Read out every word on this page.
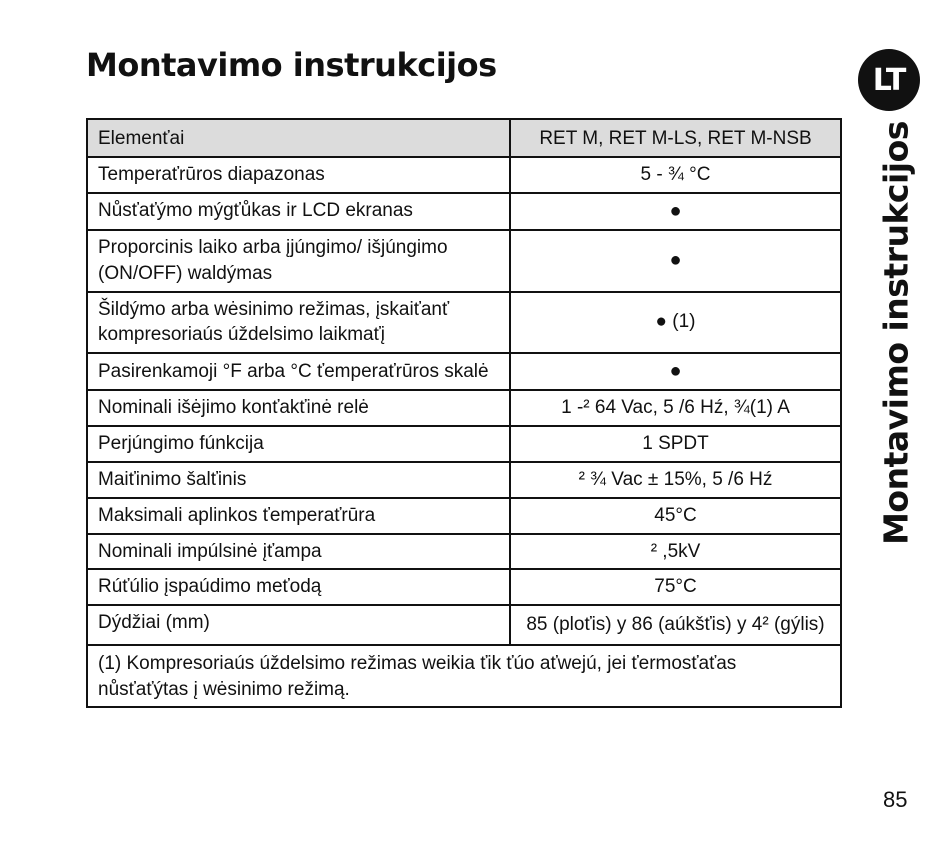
Montavimo instrukcijos	LT
Montavimo instrukcijos
85
Elemenťai	RET M, RET M-LS, RET M-NSB
Temperaťrūros diapazonas	5 - ¾ °C
Nůsťaťýmo mýgťůkas ir LCD ekranas	●
Proporcinis laiko arba įjúngimo/ išjúngimo (ON/OFF) waldýmas	●
Šildýmo arba wėsinimo režimas, įskaiťanť kompresoriaús úždelsimo laikmaťį	● (1)
Pasirenkamoji °F arba °C ťemperaťrūros skalė	●
Nominali išėjimo konťakťinė relė	1 -² 64 Vac, 5 /6 Hź, ¾(1) A
Perjúngimo fúnkcija	1 SPDT
Maiťinimo šalťinis	² ¾ Vac ± 15%, 5 /6 Hź
Maksimali aplinkos ťemperaťrūra	45°C
Nominali impúlsinė įťampa	² ,5kV
Rúťúlio įspaúdimo meťodą	75°C
Dýdžiai (mm)	85 (ploťis) y 86 (aúkšťis) y 4² (gýlis)
(1) Kompresoriaús úždelsimo režimas weikia ťik ťúo aťwejú, jei ťermosťaťas nůsťaťýtas į wėsinimo režimą.	
